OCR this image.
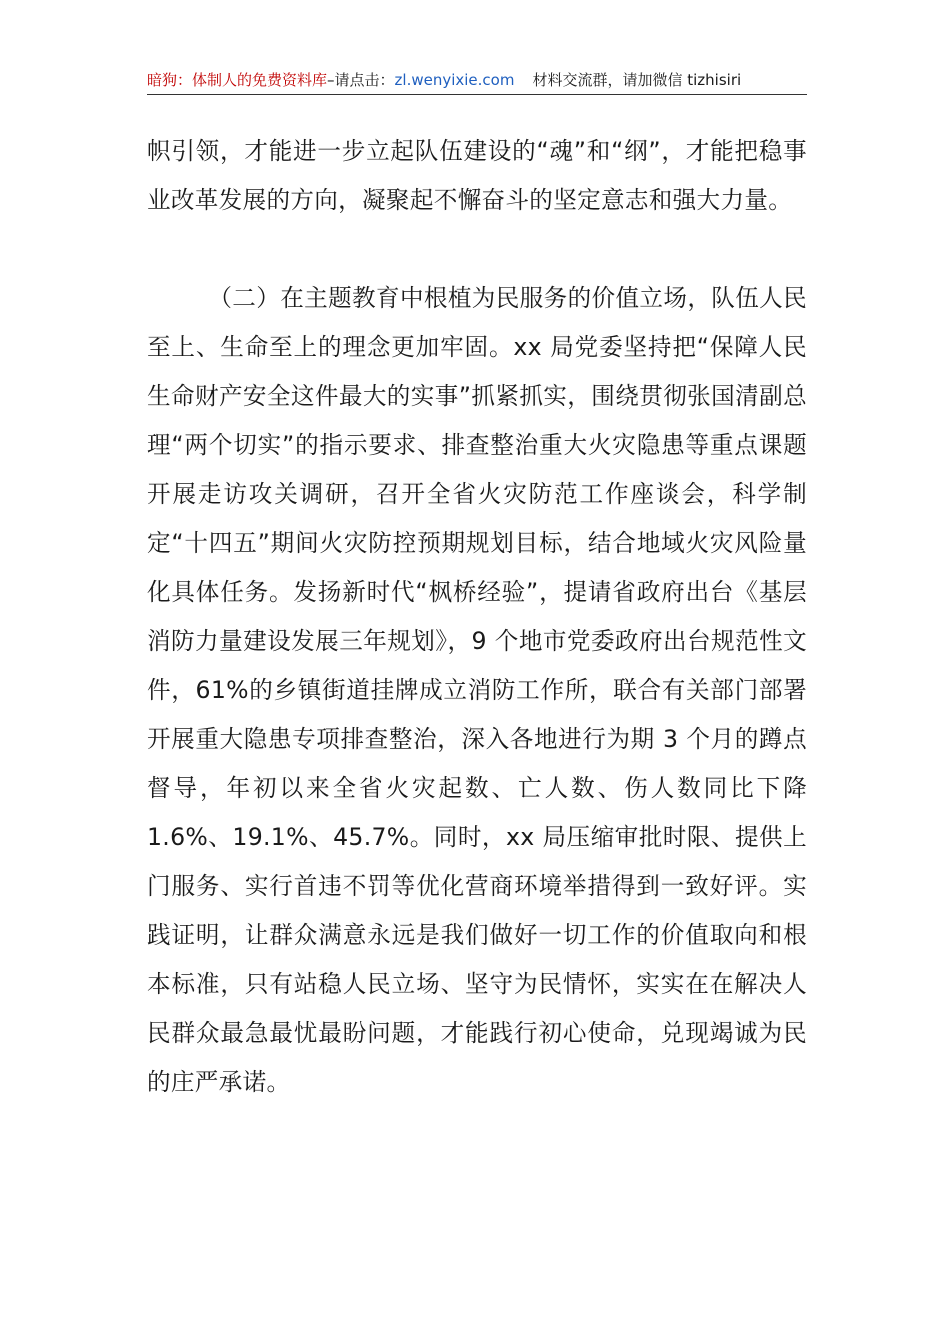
暗狗：体制人的免费资料库–请点击：zl.wenyixie.com 材料交流群，请加微信 tizhisiri

帜引领，才能进一步立起队伍建设的“魂”和“纲”，才能把稳事业改革发展的方向，凝聚起不懈奋斗的坚定意志和强大力量。

（二）在主题教育中根植为民服务的价值立场，队伍人民至上、生命至上的理念更加牢固。xx 局党委坚持把“保障人民生命财产安全这件最大的实事”抓紧抓实，围绕贯彻张国清副总理“两个切实”的指示要求、排查整治重大火灾隐患等重点课题开展走访攻关调研，召开全省火灾防范工作座谈会，科学制定“十四五”期间火灾防控预期规划目标，结合地域火灾风险量化具体任务。发扬新时代“枫桥经验”，提请省政府出台《基层消防力量建设发展三年规划》，9 个地市党委政府出台规范性文件，61%的乡镇街道挂牌成立消防工作所，联合有关部门部署开展重大隐患专项排查整治，深入各地进行为期 3 个月的蹲点督导，年初以来全省火灾起数、亡人数、伤人数同比下降 1.6%、19.1%、45.7%。同时，xx 局压缩审批时限、提供上门服务、实行首违不罚等优化营商环境举措得到一致好评。实践证明，让群众满意永远是我们做好一切工作的价值取向和根本标准，只有站稳人民立场、坚守为民情怀，实实在在解决人民群众最急最忧最盼问题，才能践行初心使命，兑现竭诚为民的庄严承诺。
